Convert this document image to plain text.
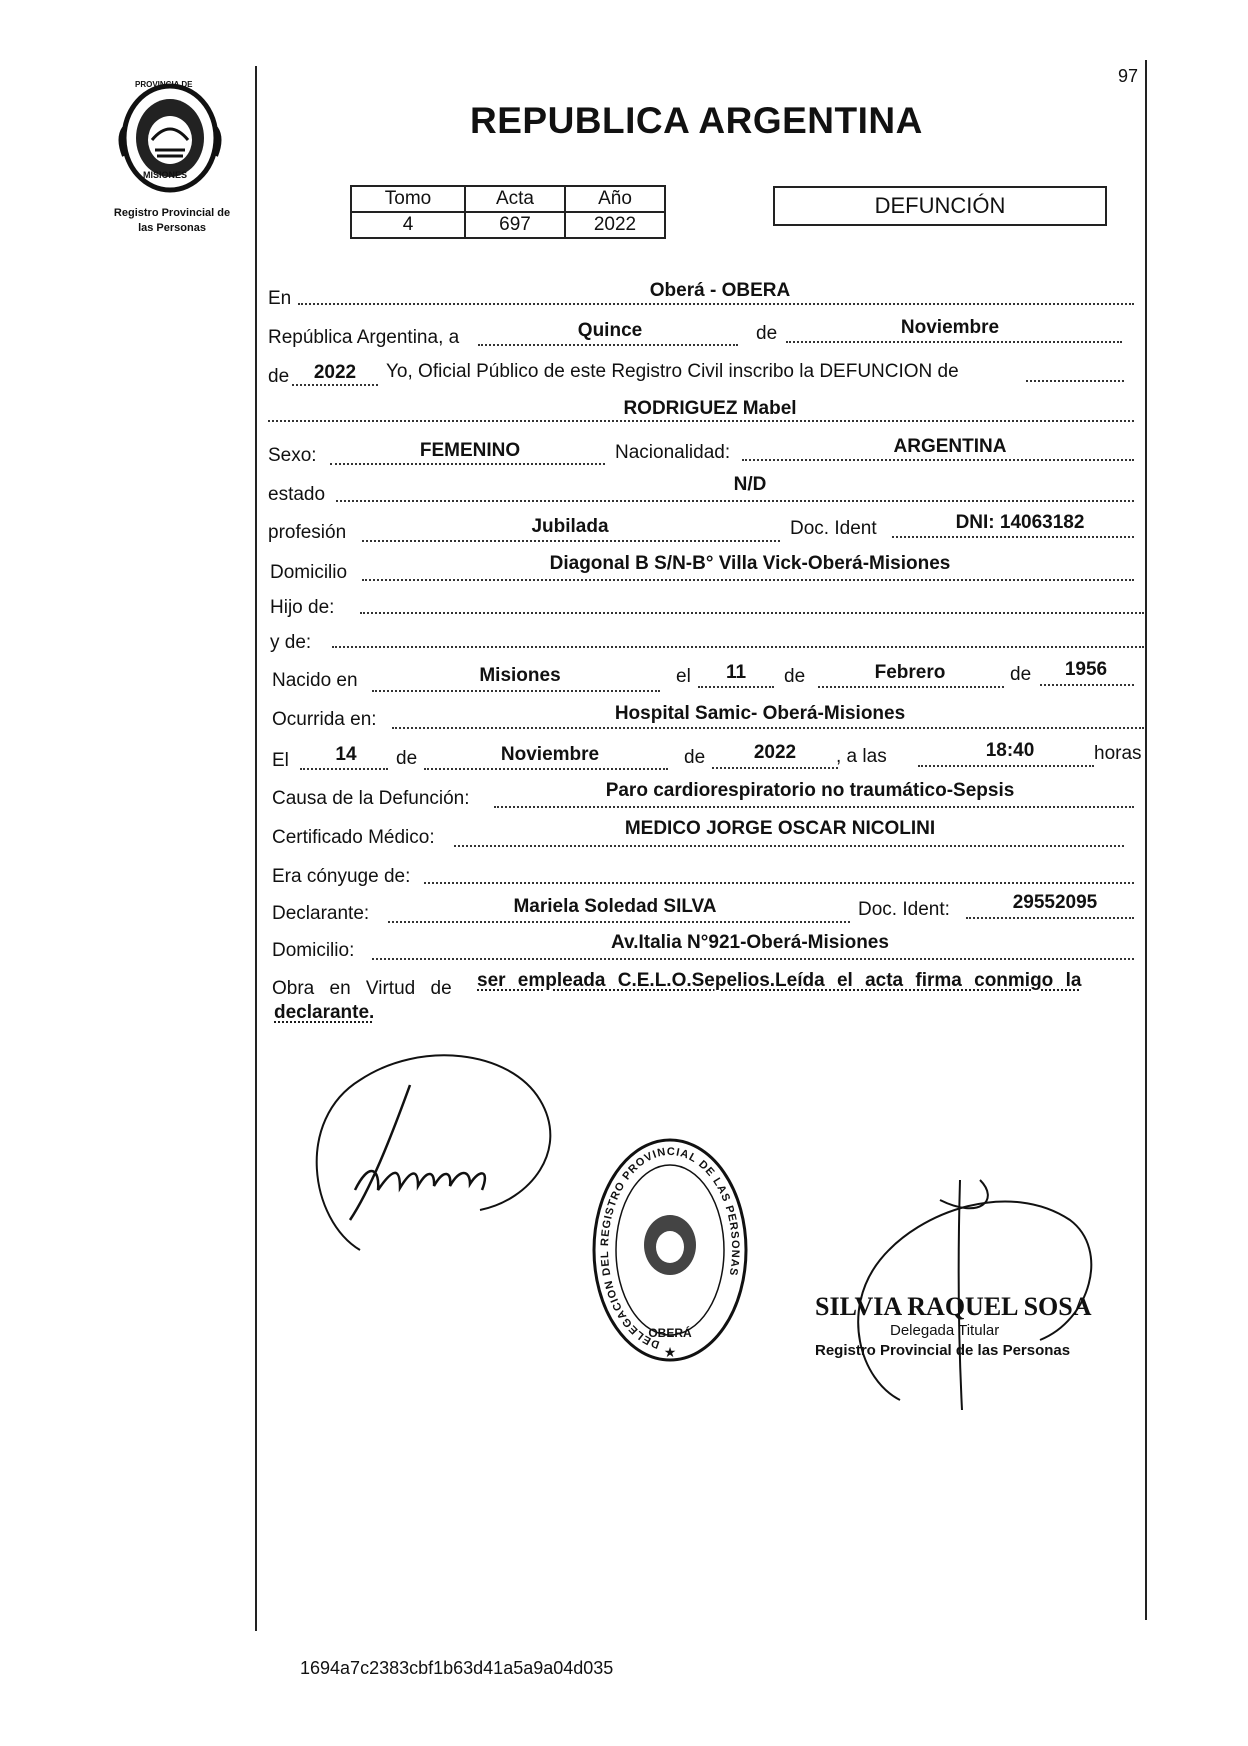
PROVINCIA DE
MISIONES
Registro Provincial de
las Personas
REPUBLICA ARGENTINA
97
Tomo	Acta	Año
4	697	2022
DEFUNCIÓN
En	Oberá - OBERA
República Argentina, a	Quince	de	Noviembre
de	2022	Yo, Oficial Público de este Registro Civil inscribo la DEFUNCION de
RODRIGUEZ Mabel
Sexo:	FEMENINO	Nacionalidad:	ARGENTINA
estado	N/D
profesión	Jubilada	Doc. Ident	DNI: 14063182
Domicilio	Diagonal B S/N-B° Villa Vick-Oberá-Misiones
Hijo de:
y de:
Nacido en	Misiones	el	11	de	Febrero	de	1956
Ocurrida en:	Hospital Samic- Oberá-Misiones
El	14	de	Noviembre	de	2022	, a las	18:40	horas
Causa de la Defunción:	Paro cardiorespiratorio no traumático-Sepsis
Certificado Médico:	MEDICO JORGE OSCAR NICOLINI
Era cónyuge de:
Declarante:	Mariela Soledad SILVA	Doc. Ident:	29552095
Domicilio:	Av.Italia N°921-Oberá-Misiones
Obra en Virtud de ser empleada C.E.L.O.Sepelios.Leída el acta firma conmigo la
declarante.
DELEGACION DEL REGISTRO PROVINCIAL DE LAS PERSONAS
OBERÁ
★
SILVIA RAQUEL SOSA
Delegada Titular
Registro Provincial de las Personas
1694a7c2383cbf1b63d41a5a9a04d035
